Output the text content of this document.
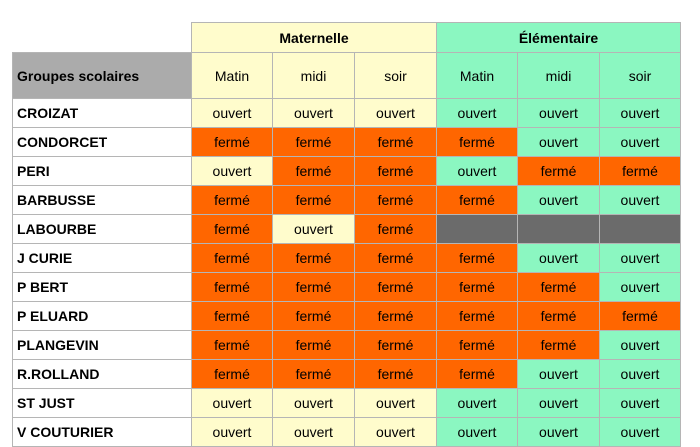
	Maternelle			Élémentaire		
Groupes scolaires	Matin	midi	soir	Matin	midi	soir
CROIZAT	ouvert	ouvert	ouvert	ouvert	ouvert	ouvert
CONDORCET	fermé	fermé	fermé	fermé	ouvert	ouvert
PERI	ouvert	fermé	fermé	ouvert	fermé	fermé
BARBUSSE	fermé	fermé	fermé	fermé	ouvert	ouvert
LABOURBE	fermé	ouvert	fermé			
J CURIE	fermé	fermé	fermé	fermé	ouvert	ouvert
P BERT	fermé	fermé	fermé	fermé	fermé	ouvert
P ELUARD	fermé	fermé	fermé	fermé	fermé	fermé
PLANGEVIN	fermé	fermé	fermé	fermé	fermé	ouvert
R.ROLLAND	fermé	fermé	fermé	fermé	ouvert	ouvert
ST JUST	ouvert	ouvert	ouvert	ouvert	ouvert	ouvert
V COUTURIER	ouvert	ouvert	ouvert	ouvert	ouvert	ouvert
